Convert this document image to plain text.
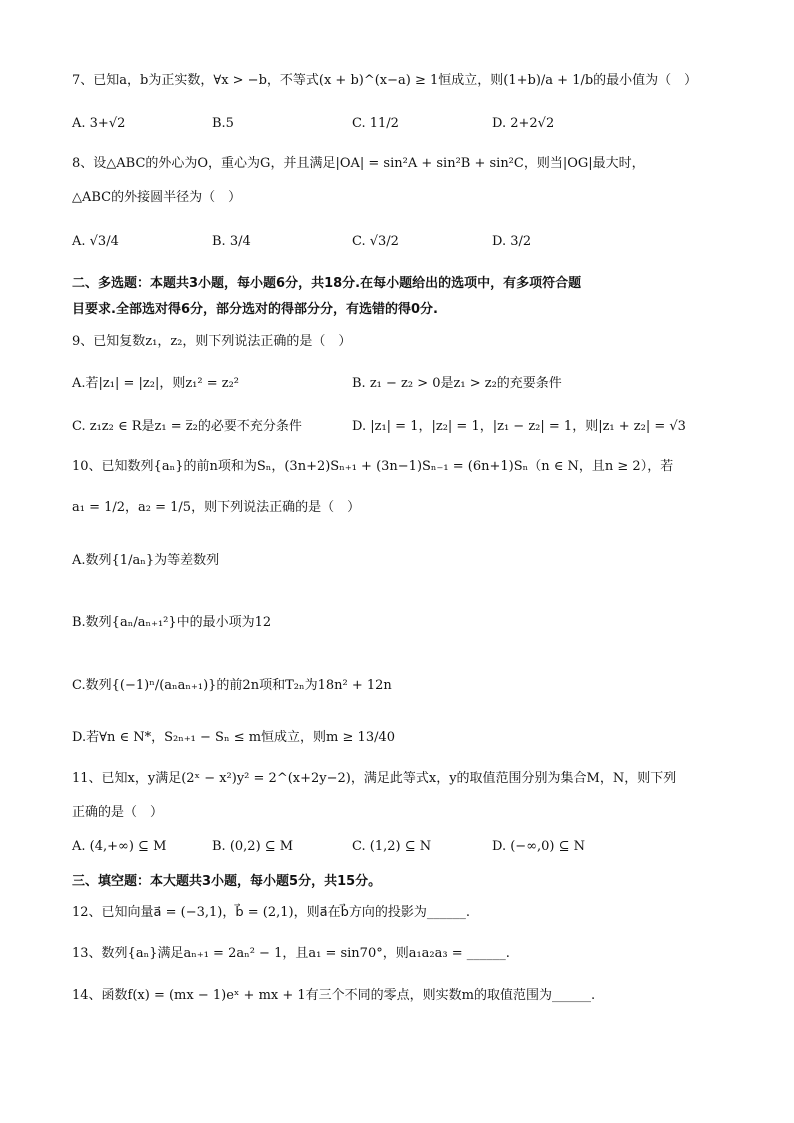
7、已知a，b为正实数，∀x > −b，不等式(x + b)^(x−a) ≥ 1恒成立，则(1+b)/a + 1/b的最小值为（　）
A. 3+√2	B.5	C. 11/2	D. 2+2√2
8、设△ABC的外心为O，重心为G，并且满足|OA| = sin²A + sin²B + sin²C，则当|OG|最大时，
△ABC的外接圆半径为（　）
A. √3/4	B. 3/4	C. √3/2	D. 3/2
二、多选题：本题共3小题，每小题6分，共18分.在每小题给出的选项中，有多项符合题
目要求.全部选对得6分，部分选对的得部分分，有选错的得0分.
9、已知复数z₁，z₂，则下列说法正确的是（　）
A.若|z₁| = |z₂|，则z₁² = z₂²	B. z₁ − z₂ > 0是z₁ > z₂的充要条件
C. z₁z₂ ∈ R是z₁ = z̅₂的必要不充分条件	D. |z₁| = 1，|z₂| = 1，|z₁ − z₂| = 1，则|z₁ + z₂| = √3
10、已知数列{aₙ}的前n项和为Sₙ，(3n+2)Sₙ₊₁ + (3n−1)Sₙ₋₁ = (6n+1)Sₙ（n ∈ N，且n ≥ 2），若
a₁ = 1/2，a₂ = 1/5，则下列说法正确的是（　）
A.数列{1/aₙ}为等差数列
B.数列{aₙ/aₙ₊₁²}中的最小项为12
C.数列{(−1)ⁿ/(aₙaₙ₊₁)}的前2n项和T₂ₙ为18n² + 12n
D.若∀n ∈ N*，S₂ₙ₊₁ − Sₙ ≤ m恒成立，则m ≥ 13/40
11、已知x，y满足(2ˣ − x²)y² = 2^(x+2y−2)，满足此等式x，y的取值范围分别为集合M，N，则下列
正确的是（　）
A. (4,+∞) ⊆ M	B. (0,2) ⊆ M	C. (1,2) ⊆ N	D. (−∞,0) ⊆ N
三、填空题：本大题共3小题，每小题5分，共15分。
12、已知向量a⃗ = (−3,1)，b⃗ = (2,1)，则a⃗在b⃗方向的投影为______.
13、数列{aₙ}满足aₙ₊₁ = 2aₙ² − 1，且a₁ = sin70°，则a₁a₂a₃ = ______.
14、函数f(x) = (mx − 1)eˣ + mx + 1有三个不同的零点，则实数m的取值范围为______.
